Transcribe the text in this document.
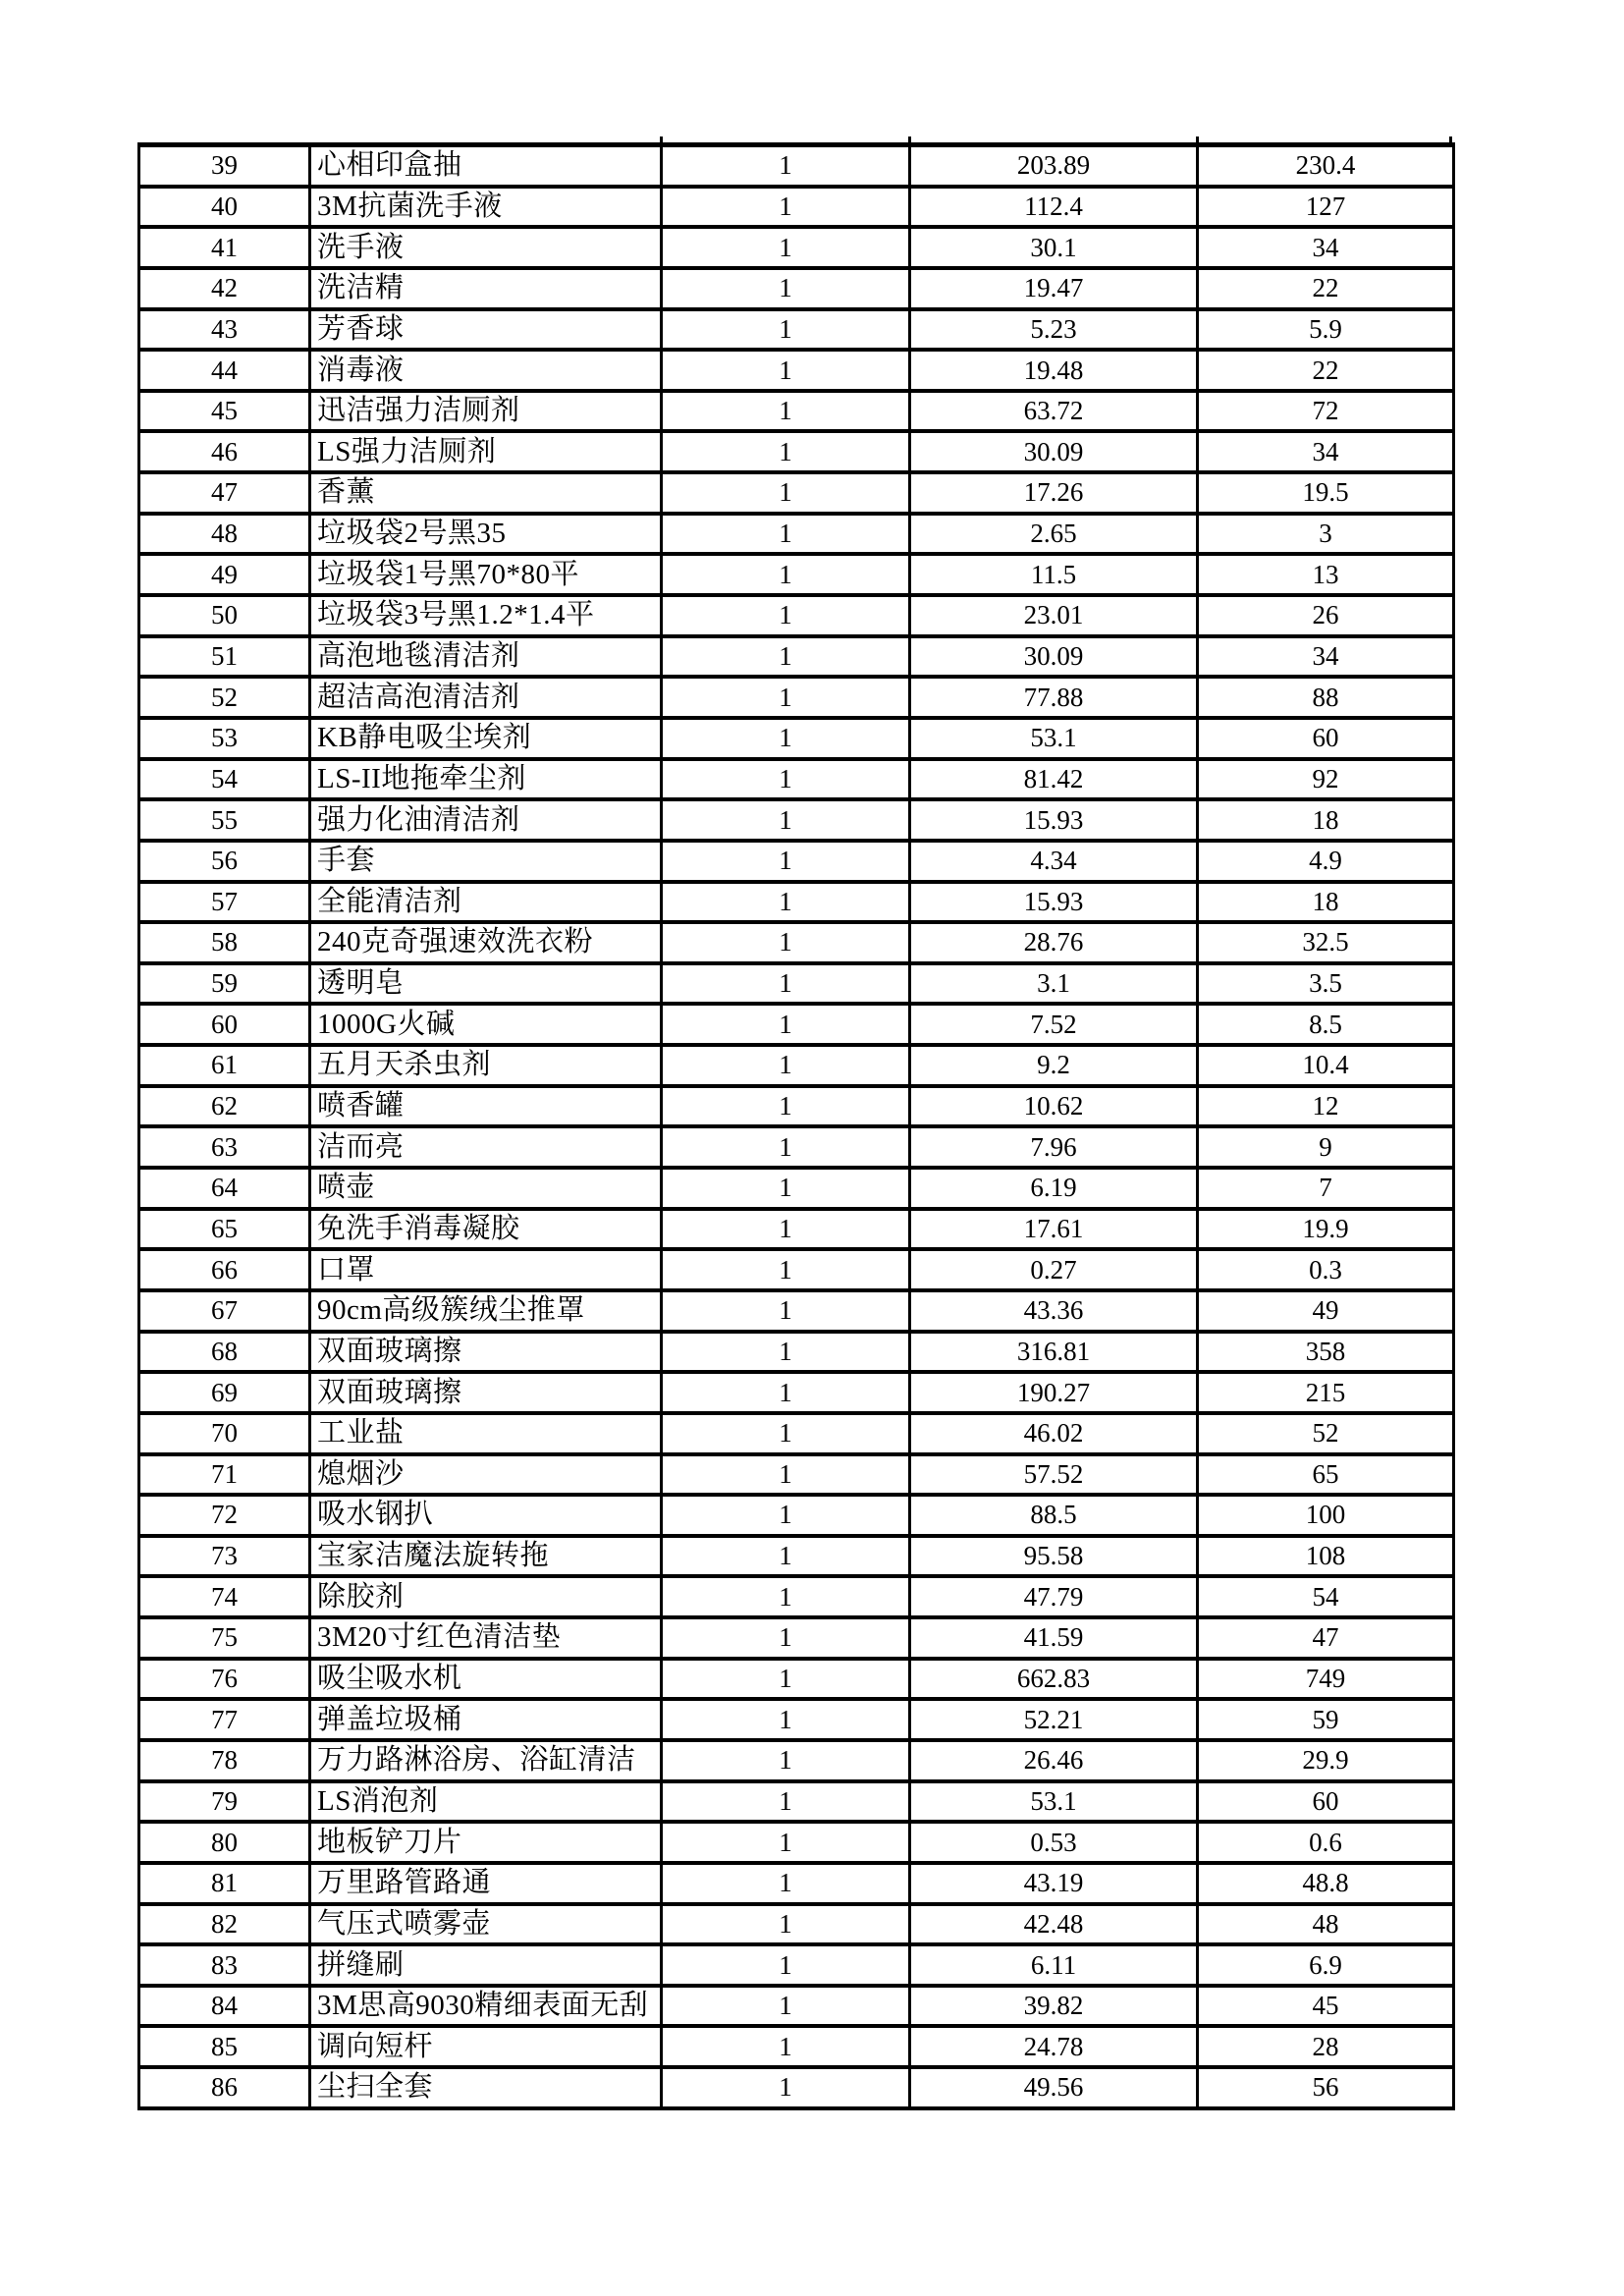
39	心相印盒抽	1	203.89	230.4
40	3M抗菌洗手液	1	112.4	127
41	洗手液	1	30.1	34
42	洗洁精	1	19.47	22
43	芳香球	1	5.23	5.9
44	消毒液	1	19.48	22
45	迅洁强力洁厕剂	1	63.72	72
46	LS强力洁厕剂	1	30.09	34
47	香薰	1	17.26	19.5
48	垃圾袋2号黑35	1	2.65	3
49	垃圾袋1号黑70*80平	1	11.5	13
50	垃圾袋3号黑1.2*1.4平	1	23.01	26
51	高泡地毯清洁剂	1	30.09	34
52	超洁高泡清洁剂	1	77.88	88
53	KB静电吸尘埃剂	1	53.1	60
54	LS-II地拖牵尘剂	1	81.42	92
55	强力化油清洁剂	1	15.93	18
56	手套	1	4.34	4.9
57	全能清洁剂	1	15.93	18
58	240克奇强速效洗衣粉	1	28.76	32.5
59	透明皂	1	3.1	3.5
60	1000G火碱	1	7.52	8.5
61	五月天杀虫剂	1	9.2	10.4
62	喷香罐	1	10.62	12
63	洁而亮	1	7.96	9
64	喷壶	1	6.19	7
65	免洗手消毒凝胶	1	17.61	19.9
66	口罩	1	0.27	0.3
67	90cm高级簇绒尘推罩	1	43.36	49
68	双面玻璃擦	1	316.81	358
69	双面玻璃擦	1	190.27	215
70	工业盐	1	46.02	52
71	熄烟沙	1	57.52	65
72	吸水钢扒	1	88.5	100
73	宝家洁魔法旋转拖	1	95.58	108
74	除胶剂	1	47.79	54
75	3M20寸红色清洁垫	1	41.59	47
76	吸尘吸水机	1	662.83	749
77	弹盖垃圾桶	1	52.21	59
78	万力路淋浴房、浴缸清洁	1	26.46	29.9
79	LS消泡剂	1	53.1	60
80	地板铲刀片	1	0.53	0.6
81	万里路管路通	1	43.19	48.8
82	气压式喷雾壶	1	42.48	48
83	拼缝刷	1	6.11	6.9
84	3M思高9030精细表面无刮	1	39.82	45
85	调向短杆	1	24.78	28
86	尘扫全套	1	49.56	56
